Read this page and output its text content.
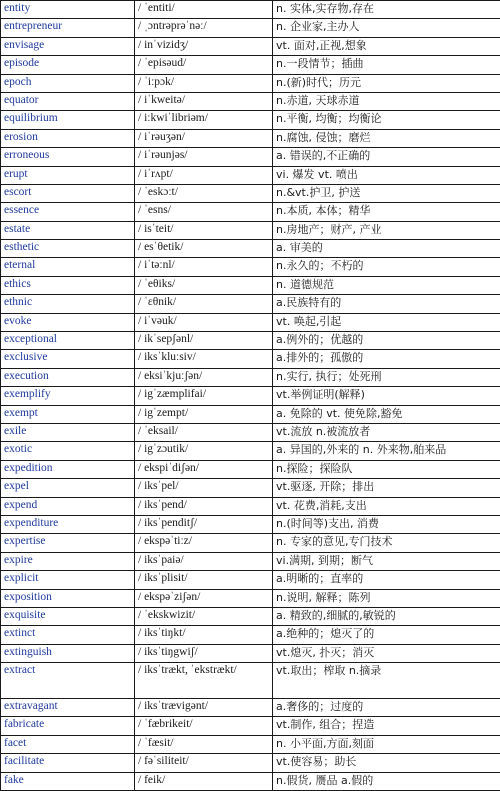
entity	/ ˈentiti/	n. 实体,实存物,存在
entrepreneur	/ ˌɔntrəprəˈnəː/	n. 企业家,主办人
envisage	/ inˈvizidʒ/	vt. 面对,正视,想象
episode	/ ˈepisəud/	n.一段情节；插曲
epoch	/ ˈiːpɔk/	n.(新)时代；历元
equator	/ iˈkweitə/	n.赤道, 天球赤道
equilibrium	/ iːkwiˈlibriəm/	n.平衡, 均衡；均衡论
erosion	/ iˈrəuʒən/	n.腐蚀, 侵蚀；磨烂
erroneous	/ iˈrəunjəs/	a. 错误的,不正确的
erupt	/ iˈrʌpt/	vi. 爆发 vt. 喷出
escort	/ ˈeskɔːt/	n.&vt.护卫, 护送
essence	/ ˈesns/	n.本质, 本体；精华
estate	/ isˈteit/	n.房地产；财产, 产业
esthetic	/ esˈθetik/	a. 审美的
eternal	/ iˈtəːnl/	n.永久的；不朽的
ethics	/ ˈeθiks/	n. 道德规范
ethnic	/ ˈεθnik/	a.民族特有的
evoke	/ iˈvəuk/	vt. 唤起,引起
exceptional	/ ikˈsepʃənl/	a.例外的；优越的
exclusive	/ iksˈkluːsiv/	a.排外的；孤傲的
execution	/ eksiˈkjuːʃən/	n.实行, 执行；处死刑
exemplify	/ igˈzæmplifai/	vt.举例证明(解释)
exempt	/ igˈzempt/	a. 免除的 vt. 使免除,豁免
exile	/ ˈeksail/	vt.流放 n.被流放者
exotic	/ igˈzɔutik/	a. 异国的,外来的 n. 外来物,舶来品
expedition	/ ekspiˈdiʃən/	n.探险；探险队
expel	/ iksˈpel/	vt.驱逐, 开除；排出
expend	/ iksˈpend/	vt. 花费,消耗,支出
expenditure	/ iksˈpenditʃ/	n.(时间等)支出, 消费
expertise	/ ekspəˈtiːz/	n. 专家的意见,专门技术
expire	/ iksˈpaiə/	vi.满期, 到期；断气
explicit	/ iksˈplisit/	a.明晰的；直率的
exposition	/ ekspəˈziʃən/	n.说明, 解释；陈列
exquisite	/ ˈekskwizit/	a. 精致的,细腻的,敏锐的
extinct	/ iksˈtiŋkt/	a.绝种的；熄灭了的
extinguish	/ iksˈtiŋgwiʃ/	vt.熄灭, 扑灭；消灭
extract	/ iksˈtrækt, ˈekstrækt/	vt.取出；榨取 n.摘录
extravagant	/ iksˈtrævigənt/	a.奢侈的；过度的
fabricate	/ ˈfæbrikeit/	vt.制作, 组合；捏造
facet	/ ˈfæsit/	n. 小平面,方面,刻面
facilitate	/ fəˈsiliteit/	vt.使容易；助长
fake	/ feik/	n.假货, 赝品 a.假的
